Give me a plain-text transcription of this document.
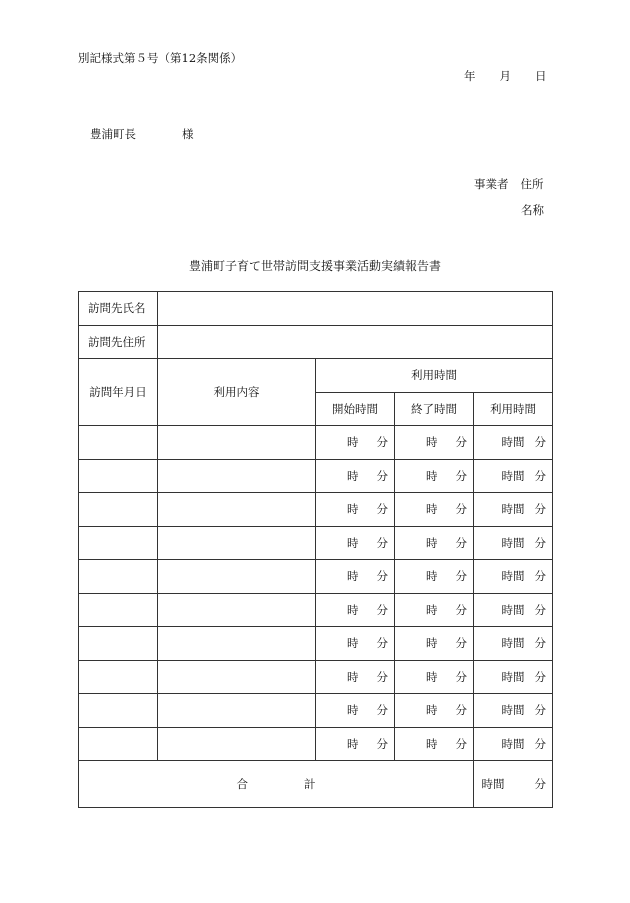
別記様式第５号（第12条関係）
年 月 日
豊浦町長	様
事業者 住所
名称
豊浦町子育て世帯訪問支援事業活動実績報告書
訪問先氏名				
訪問先住所				
訪問年月日	利用内容	利用時間		
		開始時間	終了時間	利用時間
		時 分	時 分	時間 分
		時 分	時 分	時間 分
		時 分	時 分	時間 分
		時 分	時 分	時間 分
		時 分	時 分	時間 分
		時 分	時 分	時間 分
		時 分	時 分	時間 分
		時 分	時 分	時間 分
		時 分	時 分	時間 分
		時 分	時 分	時間 分
合 計				時間 分
